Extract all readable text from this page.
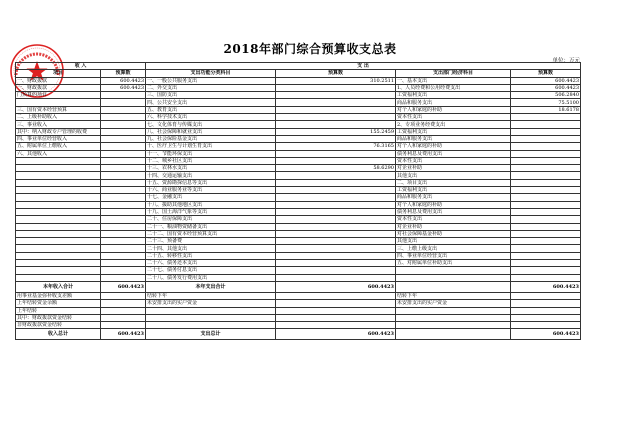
2018年部门综合预算收支总表
单位：万元
收 入		支 出			
项目	预算数	支出功能分类科目	预算数	支出部门经济科目	预算数
一、财政拨款	600.4423	一、一般公共服务支出	310.2511	一、基本支出	600.4423
一、财政拨款	600.4423	二、外交支出		1、人员经费和公用经费支出	600.4423
门预算的项目		三、国防支出		工资福利支出	506.2840
		四、公共安全支出		商品和服务支出	75.5100
三、国有资本经营预算		五、教育支出		对个人和家庭的补助	18.6178
二、上级补助收入		六、科学技术支出		资本性支出	
三、事业收入		七、文化体育与传媒支出		2、专项业务经费支出	
其中：纳入财政专户管理的收费		八、社会保障和就业支出	155.2459	工资福利支出	
四、事业单位经营收入		九、社会保险基金支出		商品和服务支出	
五、附属单位上缴收入		十、医疗卫生与计划生育支出	76.3165	对个人和家庭的补助	
六、其他收入		十一、节能环保支出		债务利息及费用支出	
		十二、城乡社区支出		资本性支出	
		十三、农林水支出	58.6290	对企业补助	
		十四、交通运输支出		其他支出	
		十五、资源勘探信息等支出		二、项目支出	
		十六、商业服务业等支出		工资福利支出	
		十七、金融支出		商品和服务支出	
		十八、援助其他地区支出		对个人和家庭的补助	
		十九、国土海洋气象等支出		债务利息及费用支出	
		二十、住房保障支出		资本性支出	
		二十一、粮油物资储备支出		对企业补助	
		二十二、国有资本经营预算支出		对社会保障基金补助	
		二十三、预备费		其他支出	
		二十四、其他支出		三、上缴上级支出	
		二十五、转移性支出		四、事业单位经营支出	
		二十六、债务还本支出		五、对附属单位补助支出	
		二十七、债务付息支出			
		二十八、债务发行费用支出			
本年收入合计	600.4423	本年支出合计	600.4423		600.4423
用事业基金弥补收支差额		结转下年		结转下年	
上年结转资金余额		未安排支出的实户资金		未安排支出的实户资金	
上年结转					
其中：财政拨款资金结转					
非财政拨款资金结转					
收入总计	600.4423	支出总计	600.4423		600.4423
